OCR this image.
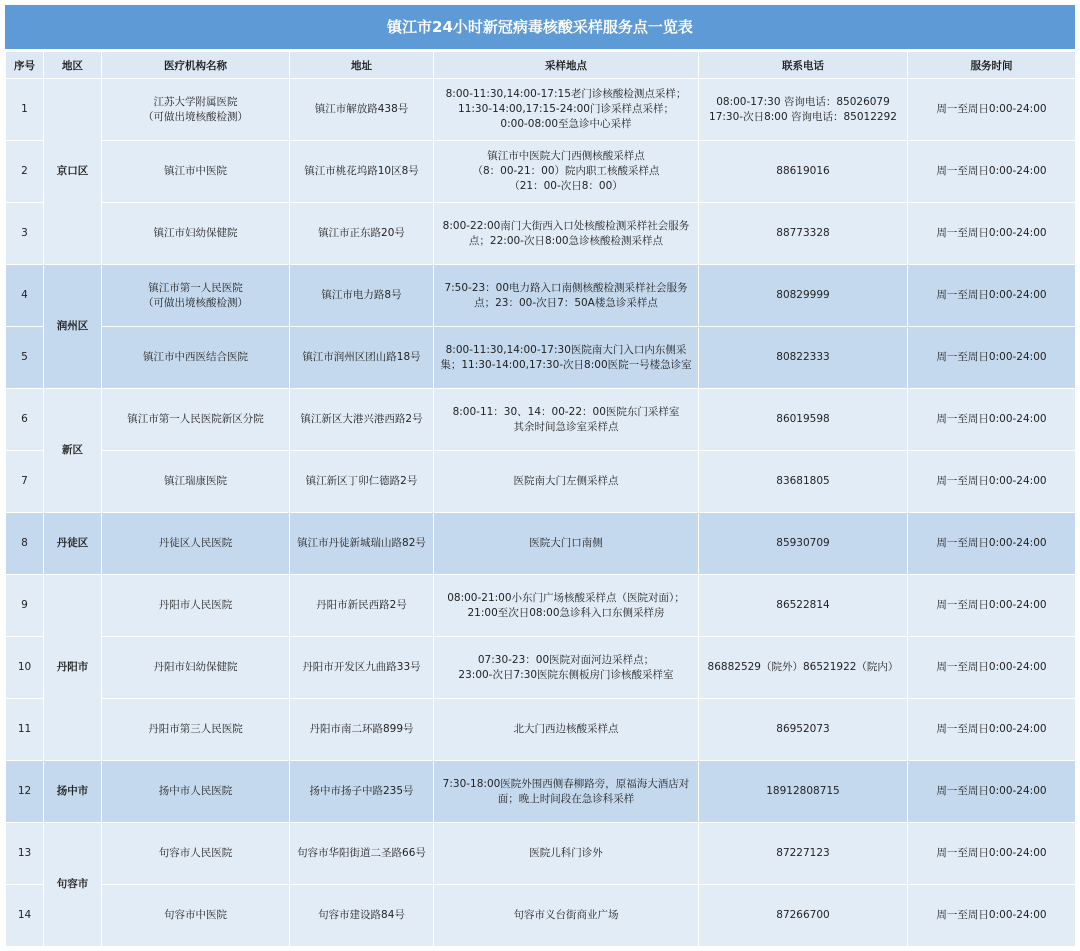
镇江市24小时新冠病毒核酸采样服务点一览表
序号	地区	医疗机构名称	地址	采样地点	联系电话	服务时间
1	京口区	江苏大学附属医院
（可做出境核酸检测）	镇江市解放路438号	8:00-11:30,14:00-17:15老门诊核酸检测点采样；
11:30-14:00,17:15-24:00门诊采样点采样；
0:00-08:00至急诊中心采样	08:00-17:30 咨询电话：85026079
17:30-次日8:00 咨询电话：85012292	周一至周日0:00-24:00
2		镇江市中医院	镇江市桃花坞路10区8号	镇江市中医院大门西侧核酸采样点
（8：00-21：00）院内职工核酸采样点
（21：00-次日8：00）	88619016	周一至周日0:00-24:00
3		镇江市妇幼保健院	镇江市正东路20号	8:00-22:00南门大街西入口处核酸检测采样社会服务点；22:00-次日8:00急诊核酸检测采样点	88773328	周一至周日0:00-24:00
4	润州区	镇江市第一人民医院
（可做出境核酸检测）	镇江市电力路8号	7:50-23：00电力路入口南侧核酸检测采样社会服务点；23：00-次日7：50A楼急诊采样点	80829999	周一至周日0:00-24:00
5		镇江市中西医结合医院	镇江市润州区团山路18号	8:00-11:30,14:00-17:30医院南大门入口内东侧采集；11:30-14:00,17:30-次日8:00医院一号楼急诊室	80822333	周一至周日0:00-24:00
6	新区	镇江市第一人民医院新区分院	镇江新区大港兴港西路2号	8:00-11：30、14：00-22：00医院东门采样室
其余时间急诊室采样点	86019598	周一至周日0:00-24:00
7		镇江瑞康医院	镇江新区丁卯仁德路2号	医院南大门左侧采样点	83681805	周一至周日0:00-24:00
8	丹徒区	丹徒区人民医院	镇江市丹徒新城瑞山路82号	医院大门口南侧	85930709	周一至周日0:00-24:00
9	丹阳市	丹阳市人民医院	丹阳市新民西路2号	08:00-21:00小东门广场核酸采样点（医院对面）；
21:00至次日08:00急诊科入口东侧采样房	86522814	周一至周日0:00-24:00
10		丹阳市妇幼保健院	丹阳市开发区九曲路33号	07:30-23：00医院对面河边采样点；
23:00-次日7:30医院东侧板房门诊核酸采样室	86882529（院外）86521922（院内）	周一至周日0:00-24:00
11		丹阳市第三人民医院	丹阳市南二环路899号	北大门西边核酸采样点	86952073	周一至周日0:00-24:00
12	扬中市	扬中市人民医院	扬中市扬子中路235号	7:30-18:00医院外围西侧春柳路旁，原福海大酒店对面；晚上时间段在急诊科采样	18912808715	周一至周日0:00-24:00
13	句容市	句容市人民医院	句容市华阳街道二圣路66号	医院儿科门诊外	87227123	周一至周日0:00-24:00
14		句容市中医院	句容市建设路84号	句容市义台街商业广场	87266700	周一至周日0:00-24:00
